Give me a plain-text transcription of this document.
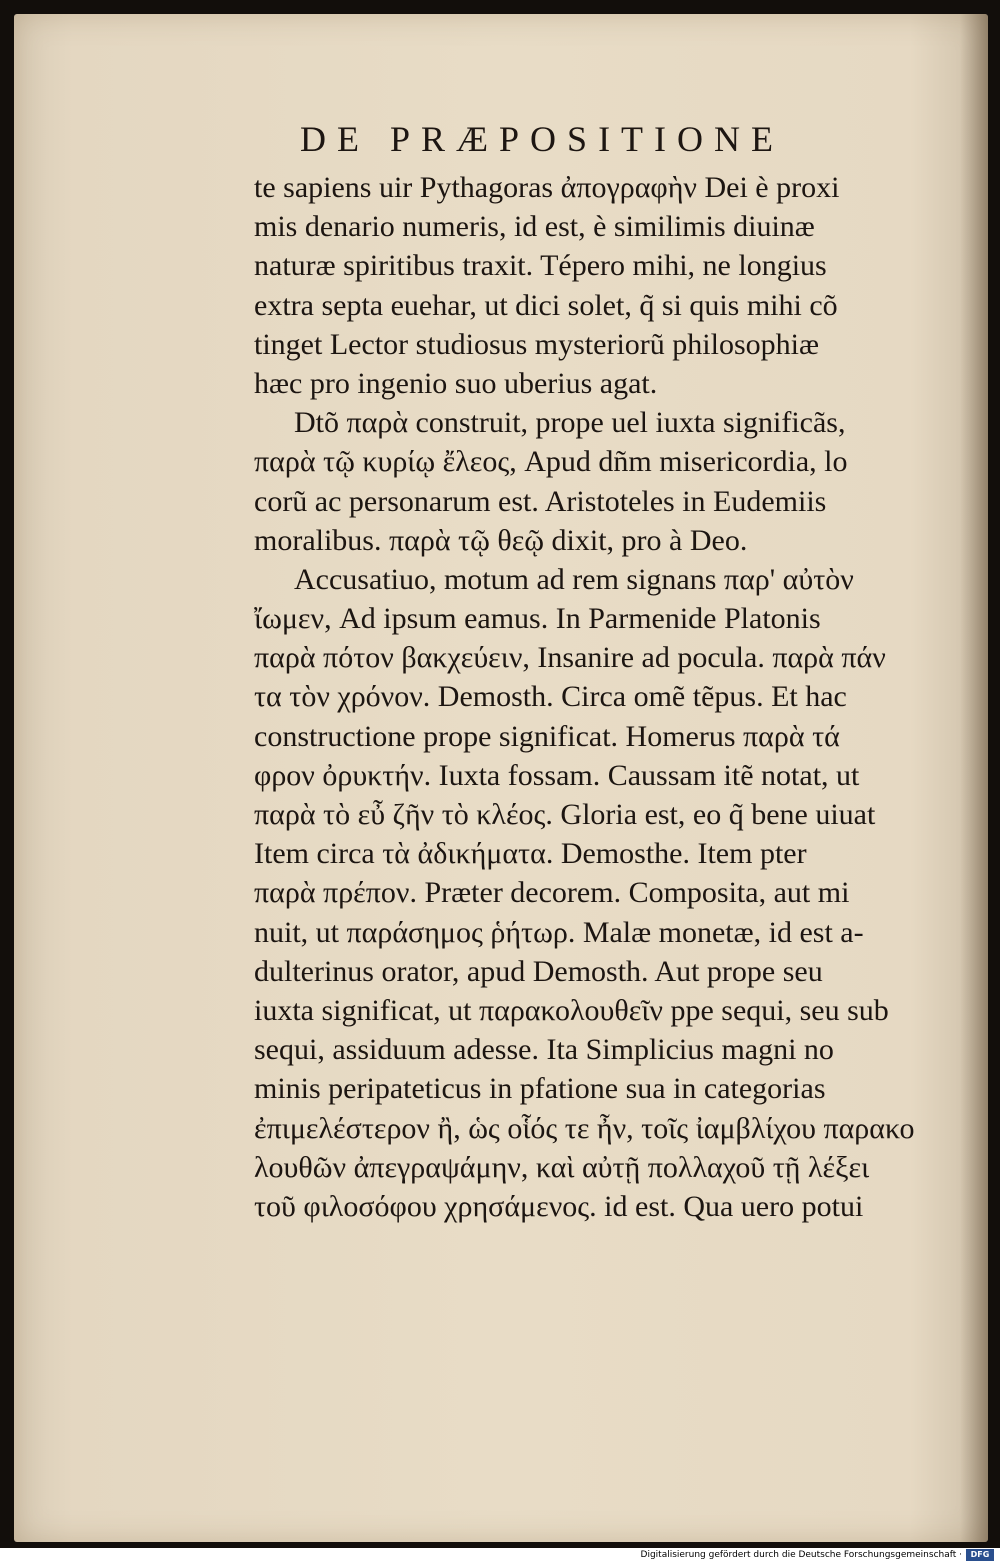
DE PRÆPOSITIONE
te sapiens uir Pythagoras ἀπογραφὴν Dei è proxi
mis denario numeris, id est, è similimis diuinæ
naturæ spiritibus traxit. Tépero mihi, ne longius
extra septa euehar, ut dici solet, q̃ si quis mihi cõ
tinget Lector studiosus mysteriorũ philosophiæ
hæc pro ingenio suo uberius agat.
Dtõ παρὰ construit, prope uel iuxta significãs,
παρὰ τῷ κυρίῳ ἔλεος, Apud dñm misericordia, lo
corũ ac personarum est. Aristoteles in Eudemiis
moralibus. παρὰ τῷ θεῷ dixit, pro à Deo.
Accusatiuo, motum ad rem signans παρ' αὐτὸν
ἴωμεν, Ad ipsum eamus. In Parmenide Platonis
παρὰ πότον βακχεύειν, Insanire ad pocula. παρὰ πάν
τα τὸν χρόνον. Demosth. Circa omẽ tẽpus. Et hac
constructione prope significat. Homerus παρὰ τά
φρον ὀρυκτήν. Iuxta fossam. Caussam itẽ notat, ut
παρὰ τὸ εὖ ζῆν τὸ κλέος. Gloria est, eo q̃ bene uiuat
Item circa τὰ ἀδικήματα. Demosthe. Item pter
παρὰ πρέπον. Præter decorem. Composita, aut mi
nuit, ut παράσημος ῥήτωρ. Malæ monetæ, id est a-
dulterinus orator, apud Demosth. Aut prope seu
iuxta significat, ut παρακολουθεῖν ppe sequi, seu sub
sequi, assiduum adesse. Ita Simplicius magni no
minis peripateticus in pfatione sua in categorias
ἐπιμελέστερον ἢ, ὡς οἷός τε ἦν, τοῖς ἰαμβλίχου παρακο
λουθῶν ἀπεγραψάμην, καὶ αὐτῇ πολλαχοῦ τῇ λέξει
τοῦ φιλοσόφου χρησάμενος. id est. Qua uero potui
Digitalisierung gefördert durch die Deutsche Forschungsgemeinschaft ·	DFG
